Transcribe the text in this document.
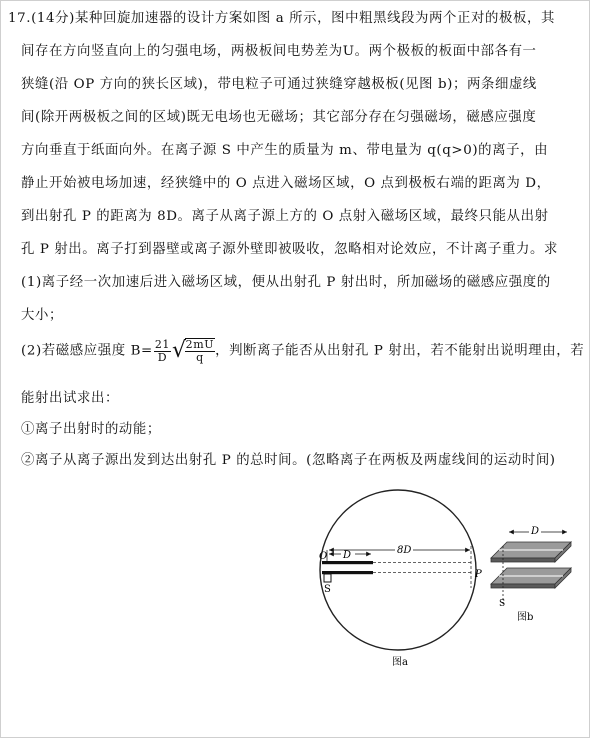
17.(14分)某种回旋加速器的设计方案如图 a 所示，图中粗黑线段为两个正对的极板，其
间存在方向竖直向上的匀强电场，两极板间电势差为U。两个极板的板面中部各有一
狭缝(沿 OP 方向的狭长区域)，带电粒子可通过狭缝穿越极板(见图 b)；两条细虚线
间(除开两极板之间的区域)既无电场也无磁场；其它部分存在匀强磁场，磁感应强度
方向垂直于纸面向外。在离子源 S 中产生的质量为 m、带电量为 q(q>0)的离子，由
静止开始被电场加速，经狭缝中的 O 点进入磁场区域，O 点到极板右端的距离为 D，
到出射孔 P 的距离为 8D。离子从离子源上方的 O 点射入磁场区域，最终只能从出射
孔 P 射出。离子打到器壁或离子源外壁即被吸收，忽略相对论效应，不计离子重力。求
(1)离子经一次加速后进入磁场区域，便从出射孔 P 射出时，所加磁场的磁感应强度的
大小；
(2)若磁感应强度 $B= \frac{21}{D}$ √
$\frac{2mU}{q}$ ，判断离子能否从出射孔 P 射出，若不能射出说明理由，若
能射出试求出：
①离子出射时的动能；
②离子从离子源出发到达出射孔 P 的总时间。(忽略离子在两板及两虚线间的运动时间)
O D	8D
P
S
图a
D
S
图b
